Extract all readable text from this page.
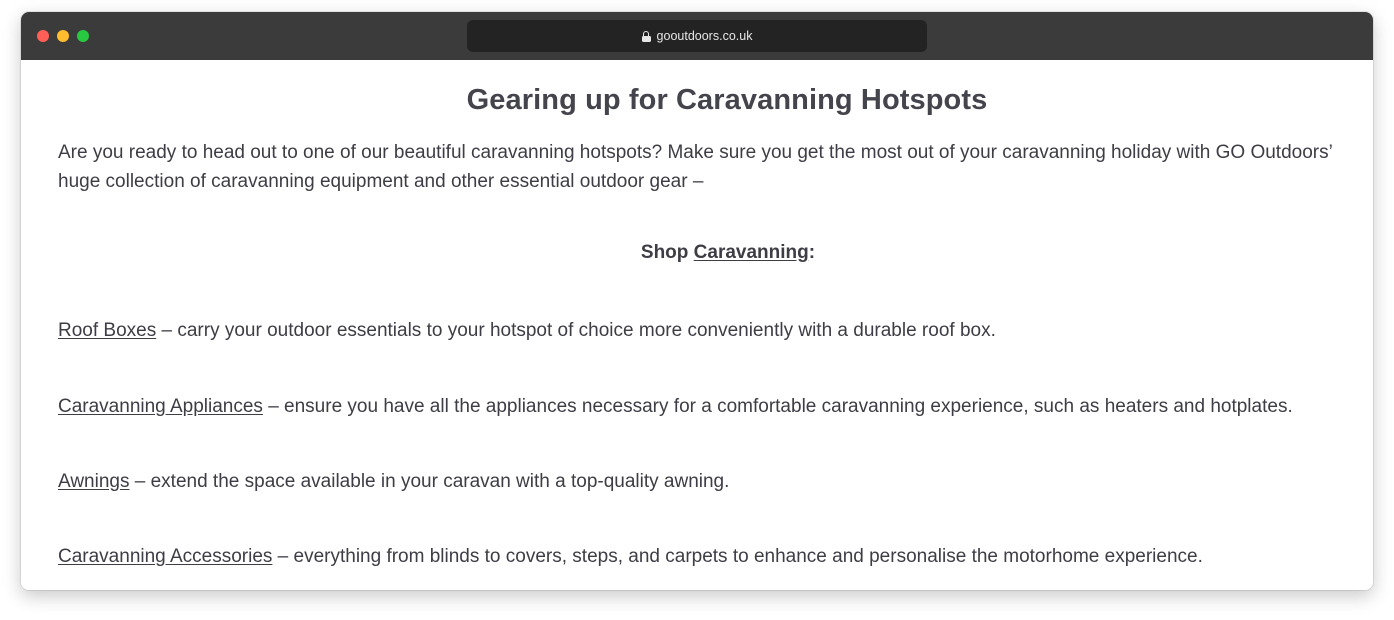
gooutdoors.co.uk
Gearing up for Caravanning Hotspots

Are you ready to head out to one of our beautiful caravanning hotspots? Make sure you get the most out of your caravanning holiday with GO Outdoors’ huge collection of caravanning equipment and other essential outdoor gear –

Shop Caravanning:

Roof Boxes – carry your outdoor essentials to your hotspot of choice more conveniently with a durable roof box.

Caravanning Appliances – ensure you have all the appliances necessary for a comfortable caravanning experience, such as heaters and hotplates.

Awnings – extend the space available in your caravan with a top-quality awning.

Caravanning Accessories – everything from blinds to covers, steps, and carpets to enhance and personalise the motorhome experience.
